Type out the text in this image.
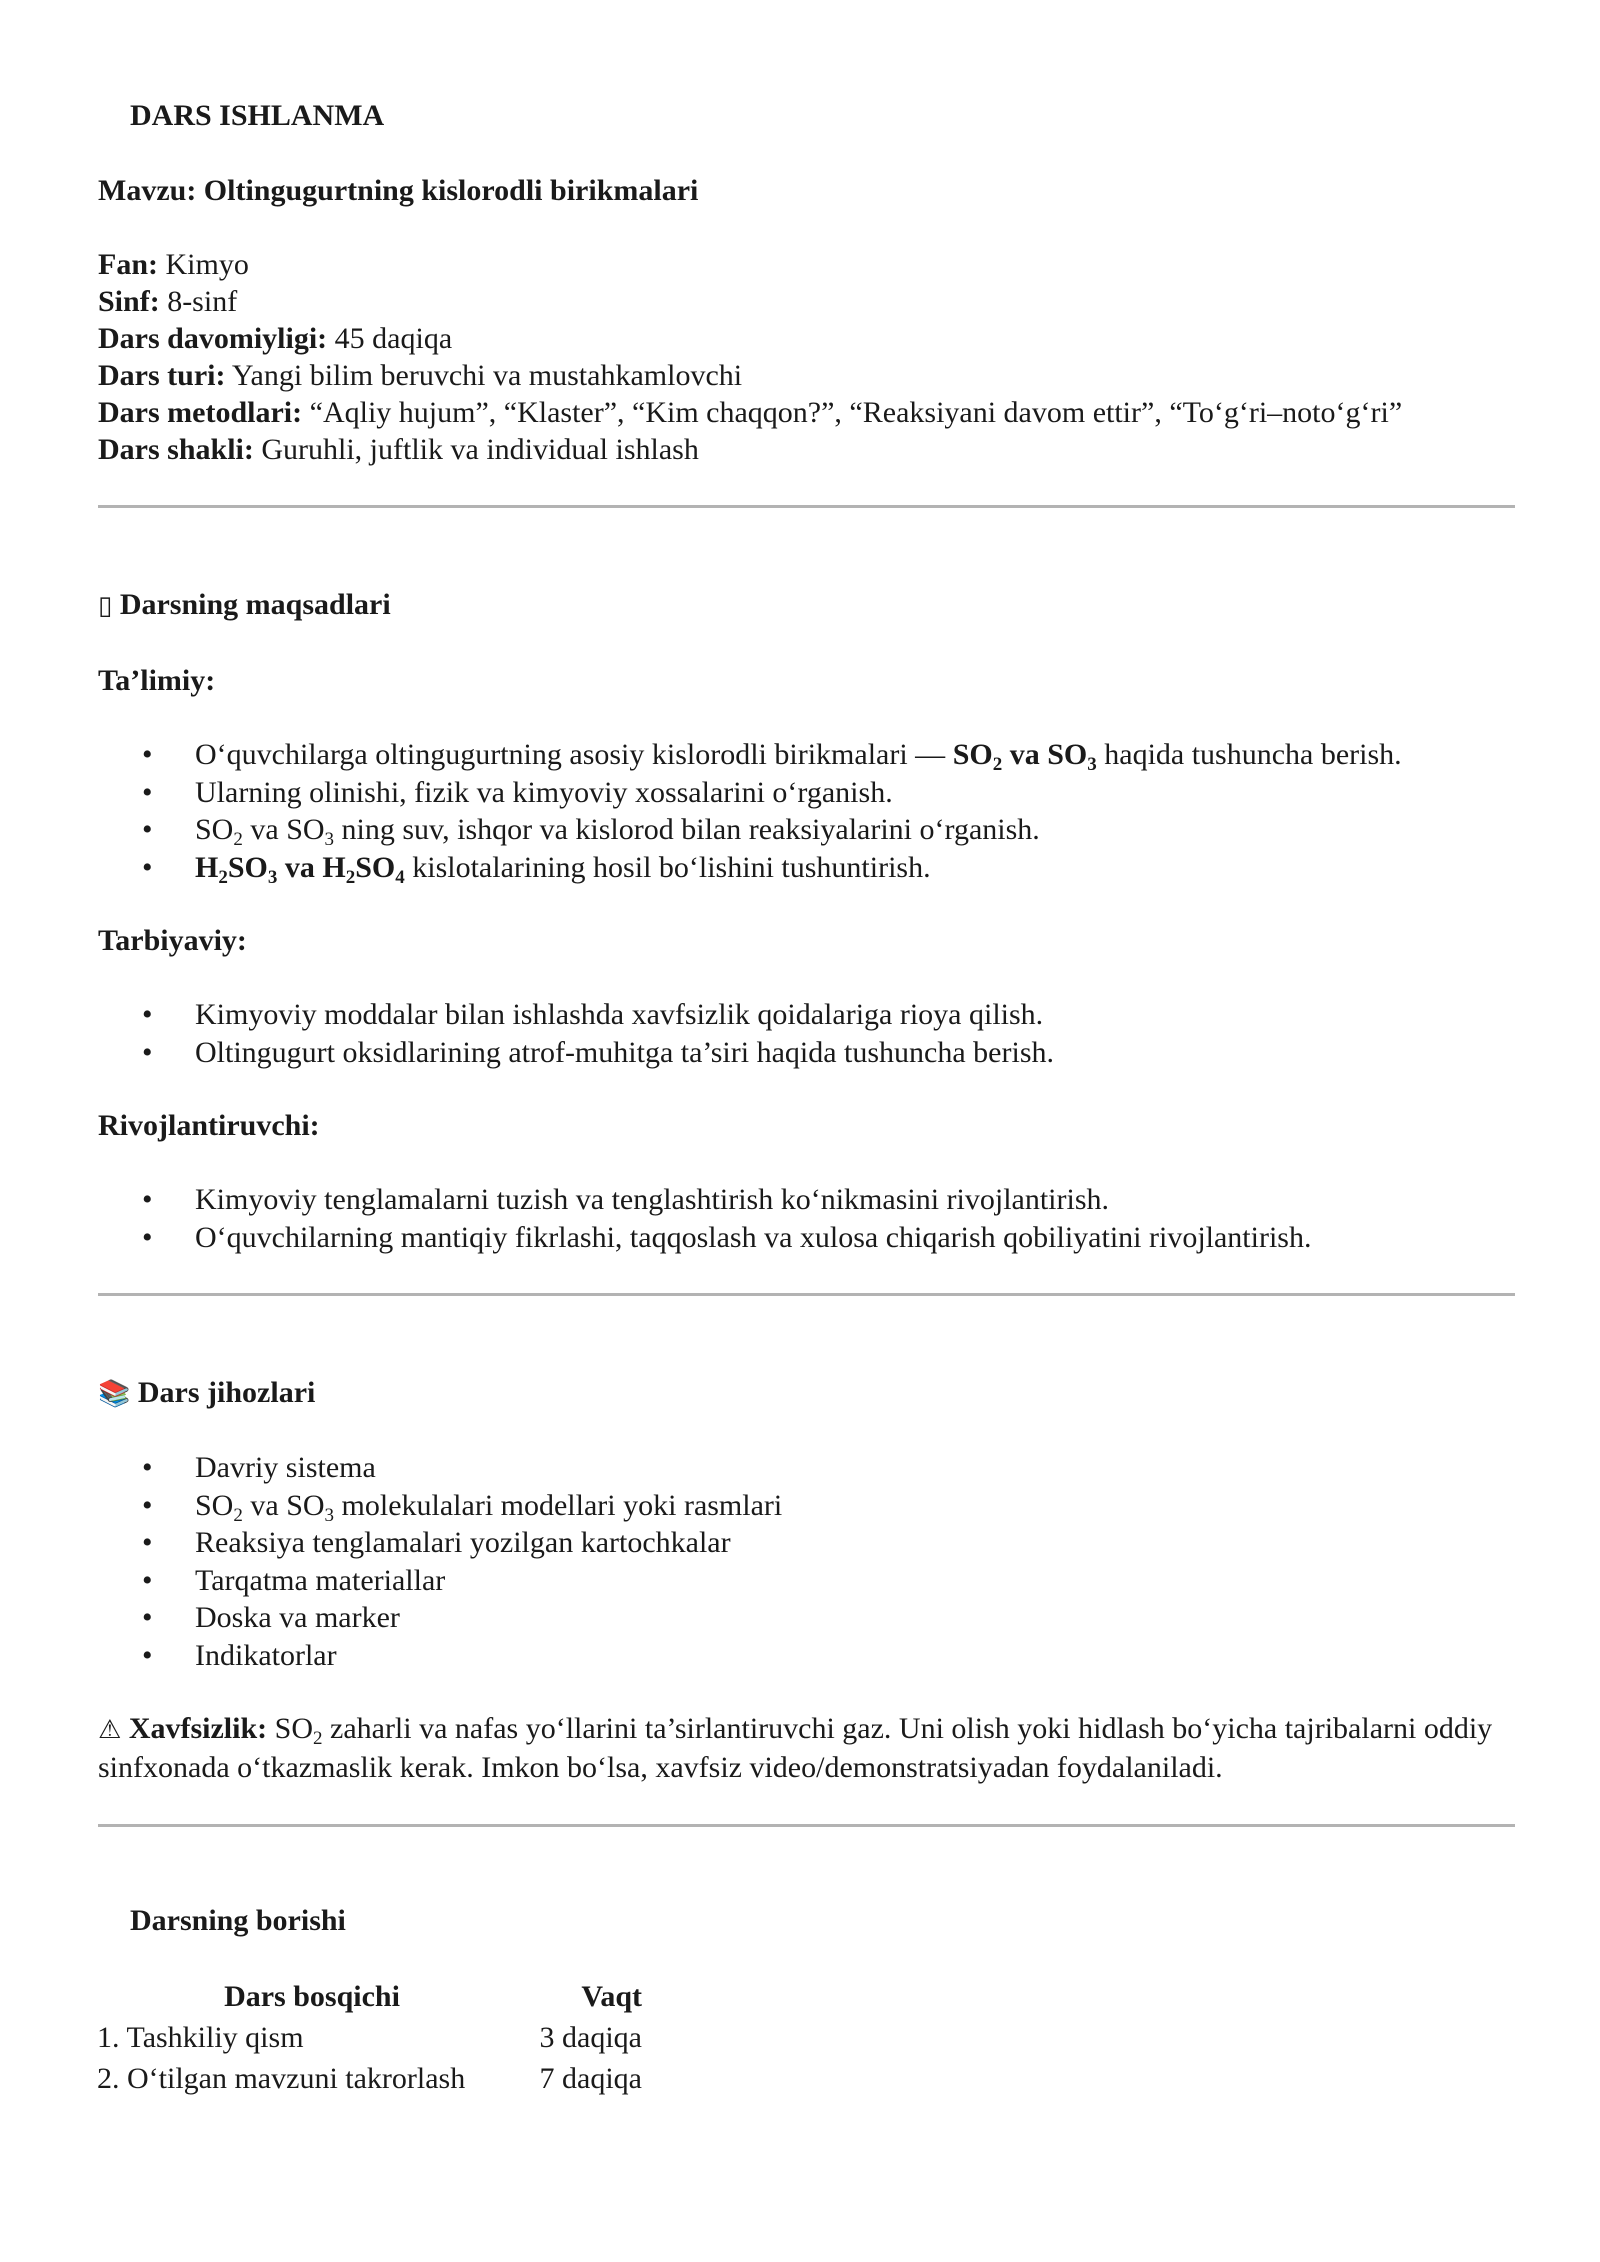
DARS ISHLANMA
Mavzu: Oltingugurtning kislorodli birikmalari
Fan: Kimyo
Sinf: 8-sinf
Dars davomiyligi: 45 daqiqa
Dars turi: Yangi bilim beruvchi va mustahkamlovchi
Dars metodlari: “Aqliy hujum”, “Klaster”, “Kim chaqqon?”, “Reaksiyani davom ettir”, “To‘g‘ri–noto‘g‘ri”
Dars shakli: Guruhli, juftlik va individual ishlash
▯ Darsning maqsadlari
Ta’limiy:
• O‘quvchilarga oltingugurtning asosiy kislorodli birikmalari — $SO_2$ va $SO_3$ haqida tushuncha berish.
• Ularning olinishi, fizik va kimyoviy xossalarini o‘rganish.
• $SO_2$ va $SO_3$ ning suv, ishqor va kislorod bilan reaksiyalarini o‘rganish.
• $H_2SO_3$ va $H_2SO_4$ kislotalarining hosil bo‘lishini tushuntirish.
Tarbiyaviy:
• Kimyoviy moddalar bilan ishlashda xavfsizlik qoidalariga rioya qilish.
• Oltingugurt oksidlarining atrof-muhitga ta’siri haqida tushuncha berish.
Rivojlantiruvchi:
• Kimyoviy tenglamalarni tuzish va tenglashtirish ko‘nikmasini rivojlantirish.
• O‘quvchilarning mantiqiy fikrlashi, taqqoslash va xulosa chiqarish qobiliyatini rivojlantirish.
📚 Dars jihozlari
• Davriy sistema
• $SO_2$ va $SO_3$ molekulalari modellari yoki rasmlari
• Reaksiya tenglamalari yozilgan kartochkalar
• Tarqatma materiallar
• Doska va marker
• Indikatorlar
⚠ Xavfsizlik: $SO_2$ zaharli va nafas yo‘llarini ta’sirlantiruvchi gaz. Uni olish yoki hidlash bo‘yicha tajribalarni oddiy sinfxonada o‘tkazmaslik kerak. Imkon bo‘lsa, xavfsiz video/demonstratsiyadan foydalaniladi.
Darsning borishi
Dars bosqichi	Vaqt
1. Tashkiliy qism	3 daqiqa
2. O‘tilgan mavzuni takrorlash	7 daqiqa
